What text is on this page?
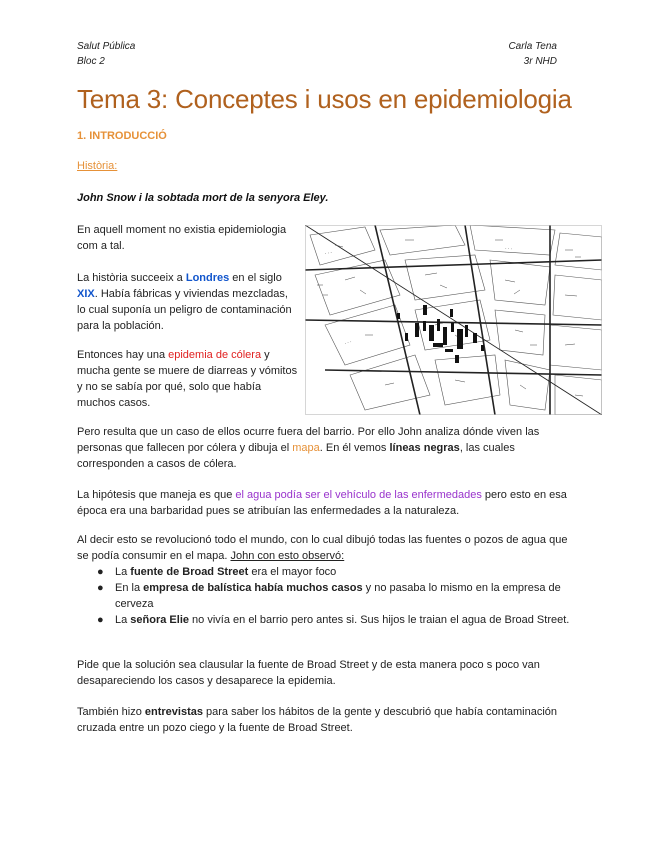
Salut Pública
Bloc 2
Carla Tena
3r NHD
Tema 3: Conceptes i usos en epidemiologia
1. INTRODUCCIÓ
Història:
John Snow i la sobtada mort de la senyora Eley.

En aquell moment no existia epidemiologia com a tal.

La història succeeix a Londres en el siglo XIX. Había fábricas y viviendas mezcladas, lo cual suponía un peligro de contaminación para la población.

Entonces hay una epidemia de cólera y mucha gente se muere de diarreas y vómitos y no se sabía por qué, solo que había muchos casos.

Pero resulta que un caso de ellos ocurre fuera del barrio. Por ello John analiza dónde viven las personas que fallecen por cólera y dibuja el mapa. En él vemos líneas negras, las cuales corresponden a casos de cólera.

La hipótesis que maneja es que el agua podía ser el vehículo de las enfermedades pero esto en esa época era una barbaridad pues se atribuían las enfermedades a la naturaleza.

Al decir esto se revolucionó todo el mundo, con lo cual dibujó todas las fuentes o pozos de agua que se podía consumir en el mapa. John con esto observó:

● La fuente de Broad Street era el mayor foco
● En la empresa de balística había muchos casos y no pasaba lo mismo en la empresa de cerveza
● La señora Elie no vivía en el barrio pero antes si. Sus hijos le traian el agua de Broad Street.

Pide que la solución sea clausular la fuente de Broad Street y de esta manera poco s poco van desapareciendo los casos y desaparece la epidemia.

También hizo entrevistas para saber los hábitos de la gente y descubrió que había contaminación cruzada entre un pozo ciego y la fuente de Broad Street.

· · ·
· · ·
· · ·
